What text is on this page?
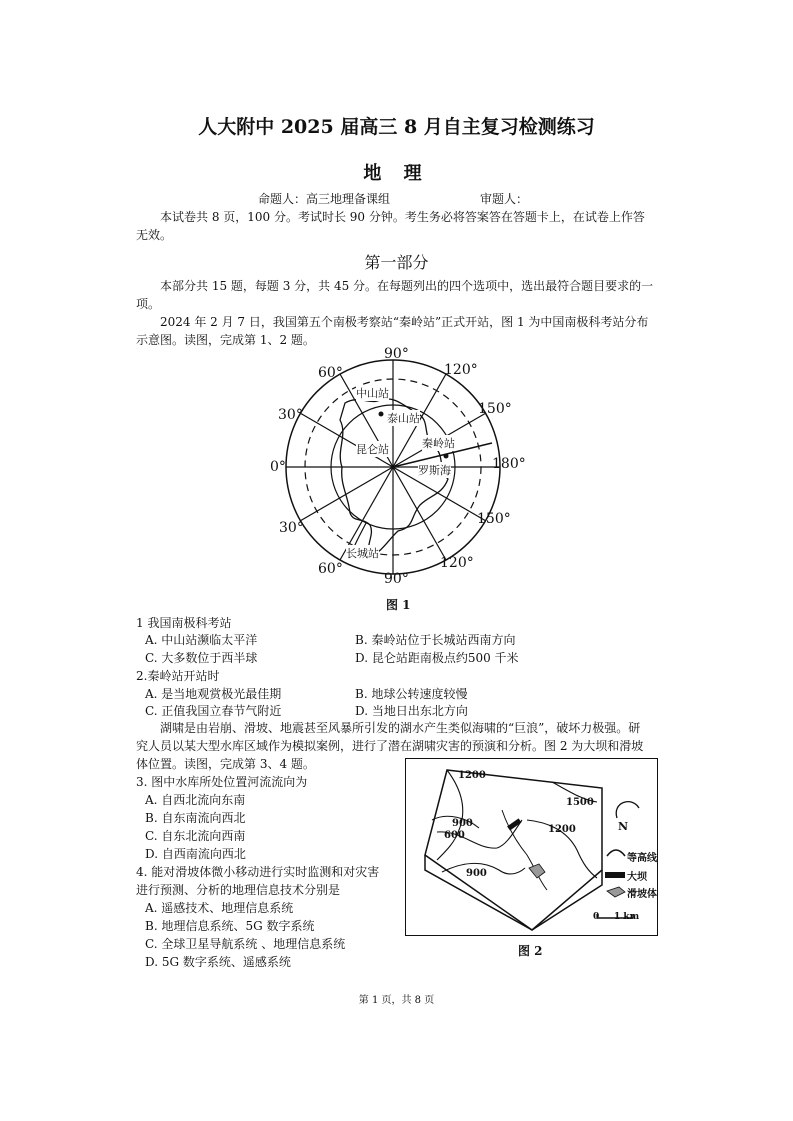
人大附中 2025 届高三 8 月自主复习检测练习
地 理
命题人：高三地理备课组	审题人：
本试卷共 8 页，100 分。考试时长 90 分钟。考生务必将答案答在答题卡上，在试卷上作答
无效。
第一部分
本部分共 15 题，每题 3 分，共 45 分。在每题列出的四个选项中，选出最符合题目要求的一
项。
2024 年 2 月 7 日，我国第五个南极考察站“秦岭站”正式开站，图 1 为中国南极科考站分布
示意图。读图，完成第 1、2 题。
90°
60°	120°
30°	150°
0°	180°
30°
150°
60°	120°
90°
中山站
泰山站
昆仑站	秦岭站
罗斯海
长城站
图 1
1 我国南极科考站
A. 中山站濒临太平洋	B. 秦岭站位于长城站西南方向
C. 大多数位于西半球	D. 昆仑站距南极点约500 千米
2.秦岭站开站时
A. 是当地观赏极光最佳期	B. 地球公转速度较慢
C. 正值我国立春节气附近	D. 当地日出东北方向
湖啸是由岩崩、滑坡、地震甚至风暴所引发的湖水产生类似海啸的“巨浪”，破坏力极强。研
究人员以某大型水库区域作为模拟案例，进行了潜在湖啸灾害的预演和分析。图 2 为大坝和滑坡
体位置。读图，完成第 3、4 题。
3. 图中水库所处位置河流流向为
A. 自西北流向东南
B. 自东南流向西北
C. 自东北流向西南
D. 自西南流向西北
4. 能对滑坡体微小移动进行实时监测和对灾害
进行预测、分析的地理信息技术分别是
A. 遥感技术、地理信息系统
B. 地理信息系统、5G 数字系统
C. 全球卫星导航系统 、地理信息系统
D. 5G 数字系统、遥感系统
1200
1500
1200
900
600
900
N
等高线
大坝
滑坡体
0 1 km
图 2
第 1 页，共 8 页
